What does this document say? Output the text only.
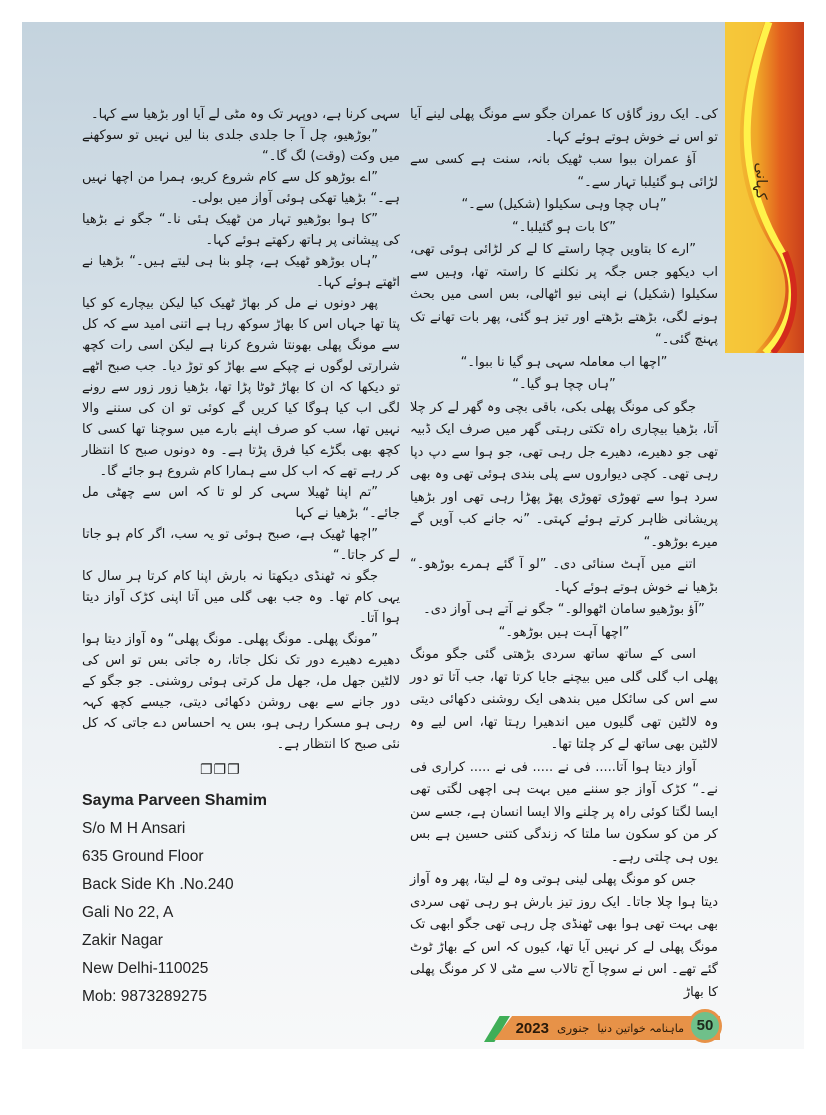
کہانی

کی۔ ایک روز گاؤں کا عمران جگو سے مونگ پھلی لینے آیا تو اس نے خوش ہوتے ہوئے کہا۔

آؤ عمران ببوا سب ٹھیک بانہ، سنت ہے کسی سے لڑائی ہو گئیلبا تہار سے۔“

”ہاں چچا وہی سکیلوا (شکیل) سے۔“

”کا بات ہو گئیلبا۔“

”ارے کا بتاویں چچا راستے کا لے کر لڑائی ہوئی تھی، اب دیکھو جس جگہ پر نکلنے کا راستہ تھا، وہیں سے سکیلوا (شکیل) نے اپنی نیو اٹھالی، بس اسی میں بحث ہونے لگی، بڑھتے بڑھتے اور تیز ہو گئی، پھر بات تھانے تک پہنچ گئی۔“

”اچھا اب معاملہ سہی ہو گیا نا ببوا۔“

”ہاں چچا ہو گیا۔“

جگو کی مونگ پھلی بکی، باقی بچی وہ گھر لے کر چلا آتا، بڑھیا بیچاری راہ تکتی رہتی گھر میں صرف ایک ڈبیہ تھی جو دھیرے، دھیرے جل رہی تھی، جو ہوا سے دپ دپا رہی تھی۔ کچی دیواروں سے پلی بندی ہوئی تھی وہ بھی سرد ہوا سے تھوڑی تھوڑی پھڑ پھڑا رہی تھی اور بڑھیا پریشانی ظاہر کرتے ہوئے کہتی۔ ”نہ جانے کب آویں گے میرے بوڑھو۔“

اتنے میں آہٹ سنائی دی۔ ”لو آ گئے ہمرے بوڑھو۔“ بڑھیا نے خوش ہوتے ہوئے کہا۔

”آؤ بوڑھیو سامان اٹھوالو۔“ جگو نے آتے ہی آواز دی۔

”اچھا آہت ہیں بوڑھو۔“

اسی کے ساتھ ساتھ سردی بڑھتی گئی جگو مونگ پھلی اب گلی گلی میں بیچنے جایا کرتا تھا، جب آتا تو دور سے اس کی سائکل میں بندھی ایک روشنی دکھائی دیتی وہ لالٹین تھی گلیوں میں اندھیرا رہتا تھا، اس لیے وہ لالٹین بھی ساتھ لے کر چلتا تھا۔

آواز دیتا ہوا آتا..... فی نے ..... فی نے ..... کراری فی نے۔“ کڑک آواز جو سننے میں بہت ہی اچھی لگتی تھی ایسا لگتا کوئی راہ پر چلنے والا ایسا انسان ہے، جسے سن کر من کو سکون سا ملتا کہ زندگی کتنی حسین ہے بس یوں ہی چلتی رہے۔

جس کو مونگ پھلی لینی ہوتی وہ لے لیتا، پھر وہ آواز دیتا ہوا چلا جاتا۔ ایک روز تیز بارش ہو رہی تھی سردی بھی بہت تھی ہوا بھی ٹھنڈی چل رہی تھی جگو ابھی تک مونگ پھلی لے کر نہیں آیا تھا، کیوں کہ اس کے بھاڑ ٹوٹ گئے تھے۔ اس نے سوچا آج تالاب سے مٹی لا کر مونگ پھلی کا بھاڑ

سہی کرنا ہے، دوپہر تک وہ مٹی لے آیا اور بڑھیا سے کہا۔

”بوڑھیو، چل آ جا جلدی جلدی بنا لیں نہیں تو سوکھنے میں وکت (وقت) لگ گا۔“

”اے بوڑھو کل سے کام شروع کریو، ہمرا من اچھا نہیں ہے۔“ بڑھیا تھکی ہوئی آواز میں بولی۔

”کا ہوا بوڑھیو تہار من ٹھیک ہئی نا۔“ جگو نے بڑھیا کی پیشانی پر ہاتھ رکھتے ہوئے کہا۔

”ہاں بوڑھو ٹھیک ہے، چلو بنا ہی لیتے ہیں۔“ بڑھیا نے اٹھتے ہوئے کہا۔

پھر دونوں نے مل کر بھاڑ ٹھیک کیا لیکن بیچارے کو کیا پتا تھا جہاں اس کا بھاڑ سوکھ رہا ہے اتنی امید سے کہ کل سے مونگ پھلی بھونتا شروع کرنا ہے لیکن اسی رات کچھ شرارتی لوگوں نے چپکے سے بھاڑ کو توڑ دیا۔ جب صبح اٹھے تو دیکھا کہ ان کا بھاڑ ٹوٹا پڑا تھا، بڑھیا زور زور سے رونے لگی اب کیا ہوگا کیا کریں گے کوئی تو ان کی سننے والا نہیں تھا، سب کو صرف اپنے بارے میں سوچنا تھا کسی کا کچھ بھی بگڑے کیا فرق پڑتا ہے۔ وہ دونوں صبح کا انتظار کر رہے تھے کہ اب کل سے ہمارا کام شروع ہو جائے گا۔

”تم اپنا ٹھیلا سہی کر لو تا کہ اس سے چھٹی مل جائے۔“ بڑھیا نے کہا

”اچھا ٹھیک ہے، صبح ہوئی تو یہ سب، اگر کام ہو جاتا لے کر جاتا۔“

جگو نہ ٹھنڈی دیکھتا نہ بارش اپنا کام کرتا ہر سال کا یہی کام تھا۔ وہ جب بھی گلی میں آتا اپنی کڑک آواز دیتا ہوا آتا۔

”مونگ پھلی۔ مونگ پھلی۔ مونگ پھلی“ وہ آواز دیتا ہوا دھیرے دھیرے دور تک نکل جاتا، رہ جاتی بس تو اس کی لالٹین جھل مل، جھل مل کرتی ہوئی روشنی۔ جو جگو کے دور جانے سے بھی روشن دکھائی دیتی، جیسے کچھ کہہ رہی ہو مسکرا رہی ہو، بس یہ احساس دے جاتی کہ کل نئی صبح کا انتظار ہے۔

❐❐❐
Sayma Parveen Shamim
S/o M H Ansari
635 Ground Floor
Back Side Kh .No.240
Gali No 22, A
Zakir Nagar
New Delhi-110025
Mob: 9873289275
ماہنامہ خواتین دنیا
جنوری
2023	50
